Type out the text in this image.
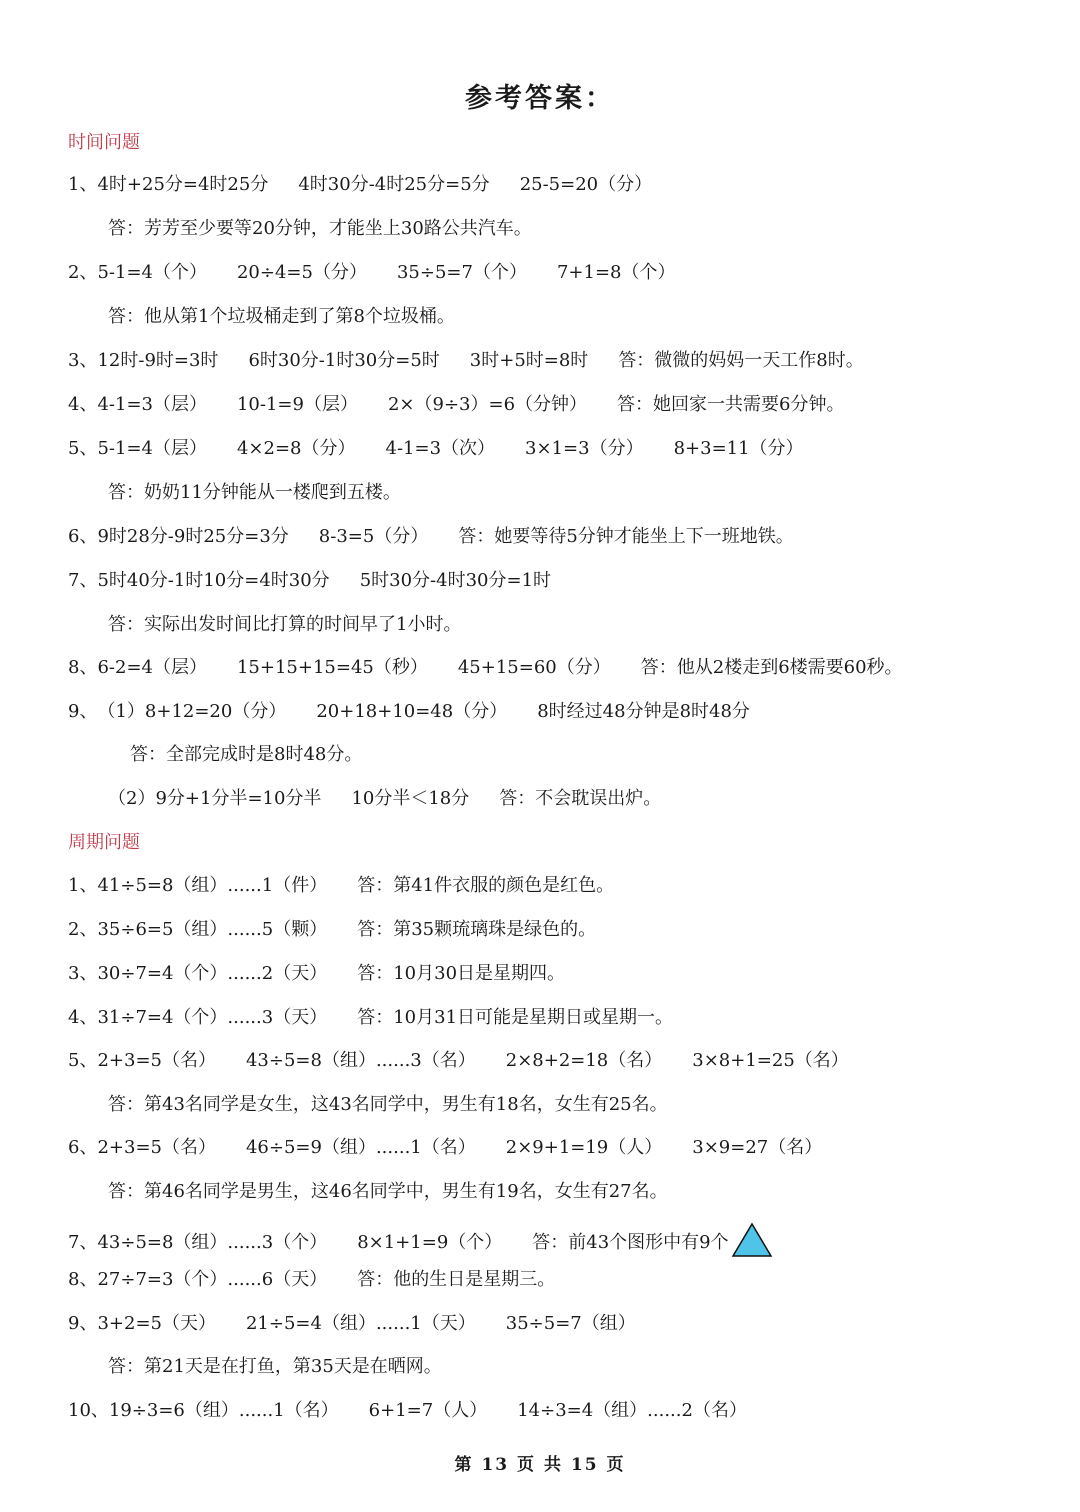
参考答案：
时间问题
1、4时+25分=4时25分 4时30分-4时25分=5分 25-5=20（分）
答：芳芳至少要等20分钟，才能坐上30路公共汽车。
2、5-1=4（个） 20÷4=5（分） 35÷5=7（个） 7+1=8（个）
答：他从第1个垃圾桶走到了第8个垃圾桶。
3、12时-9时=3时 6时30分-1时30分=5时 3时+5时=8时 答：微微的妈妈一天工作8时。
4、4-1=3（层） 10-1=9（层） 2×（9÷3）=6（分钟） 答：她回家一共需要6分钟。
5、5-1=4（层） 4×2=8（分） 4-1=3（次） 3×1=3（分） 8+3=11（分）
答：奶奶11分钟能从一楼爬到五楼。
6、9时28分-9时25分=3分 8-3=5（分） 答：她要等待5分钟才能坐上下一班地铁。
7、5时40分-1时10分=4时30分 5时30分-4时30分=1时
答：实际出发时间比打算的时间早了1小时。
8、6-2=4（层） 15+15+15=45（秒） 45+15=60（分） 答：他从2楼走到6楼需要60秒。
9、（1）8+12=20（分） 20+18+10=48（分） 8时经过48分钟是8时48分
答：全部完成时是8时48分。
（2）9分+1分半=10分半 10分半＜18分 答：不会耽误出炉。
周期问题
1、41÷5=8（组）......1（件） 答：第41件衣服的颜色是红色。
2、35÷6=5（组）......5（颗） 答：第35颗琉璃珠是绿色的。
3、30÷7=4（个）......2（天） 答：10月30日是星期四。
4、31÷7=4（个）......3（天） 答：10月31日可能是星期日或星期一。
5、2+3=5（名） 43÷5=8（组）......3（名） 2×8+2=18（名） 3×8+1=25（名）
答：第43名同学是女生，这43名同学中，男生有18名，女生有25名。
6、2+3=5（名） 46÷5=9（组）......1（名） 2×9+1=19（人） 3×9=27（名）
答：第46名同学是男生，这46名同学中，男生有19名，女生有27名。
7、43÷5=8（组）......3（个） 8×1+1=9（个） 答：前43个图形中有9个
8、27÷7=3（个）......6（天） 答：他的生日是星期三。
9、3+2=5（天） 21÷5=4（组）......1（天） 35÷5=7（组）
答：第21天是在打鱼，第35天是在晒网。
10、19÷3=6（组）......1（名） 6+1=7（人） 14÷3=4（组）......2（名）
第 13 页 共 15 页
